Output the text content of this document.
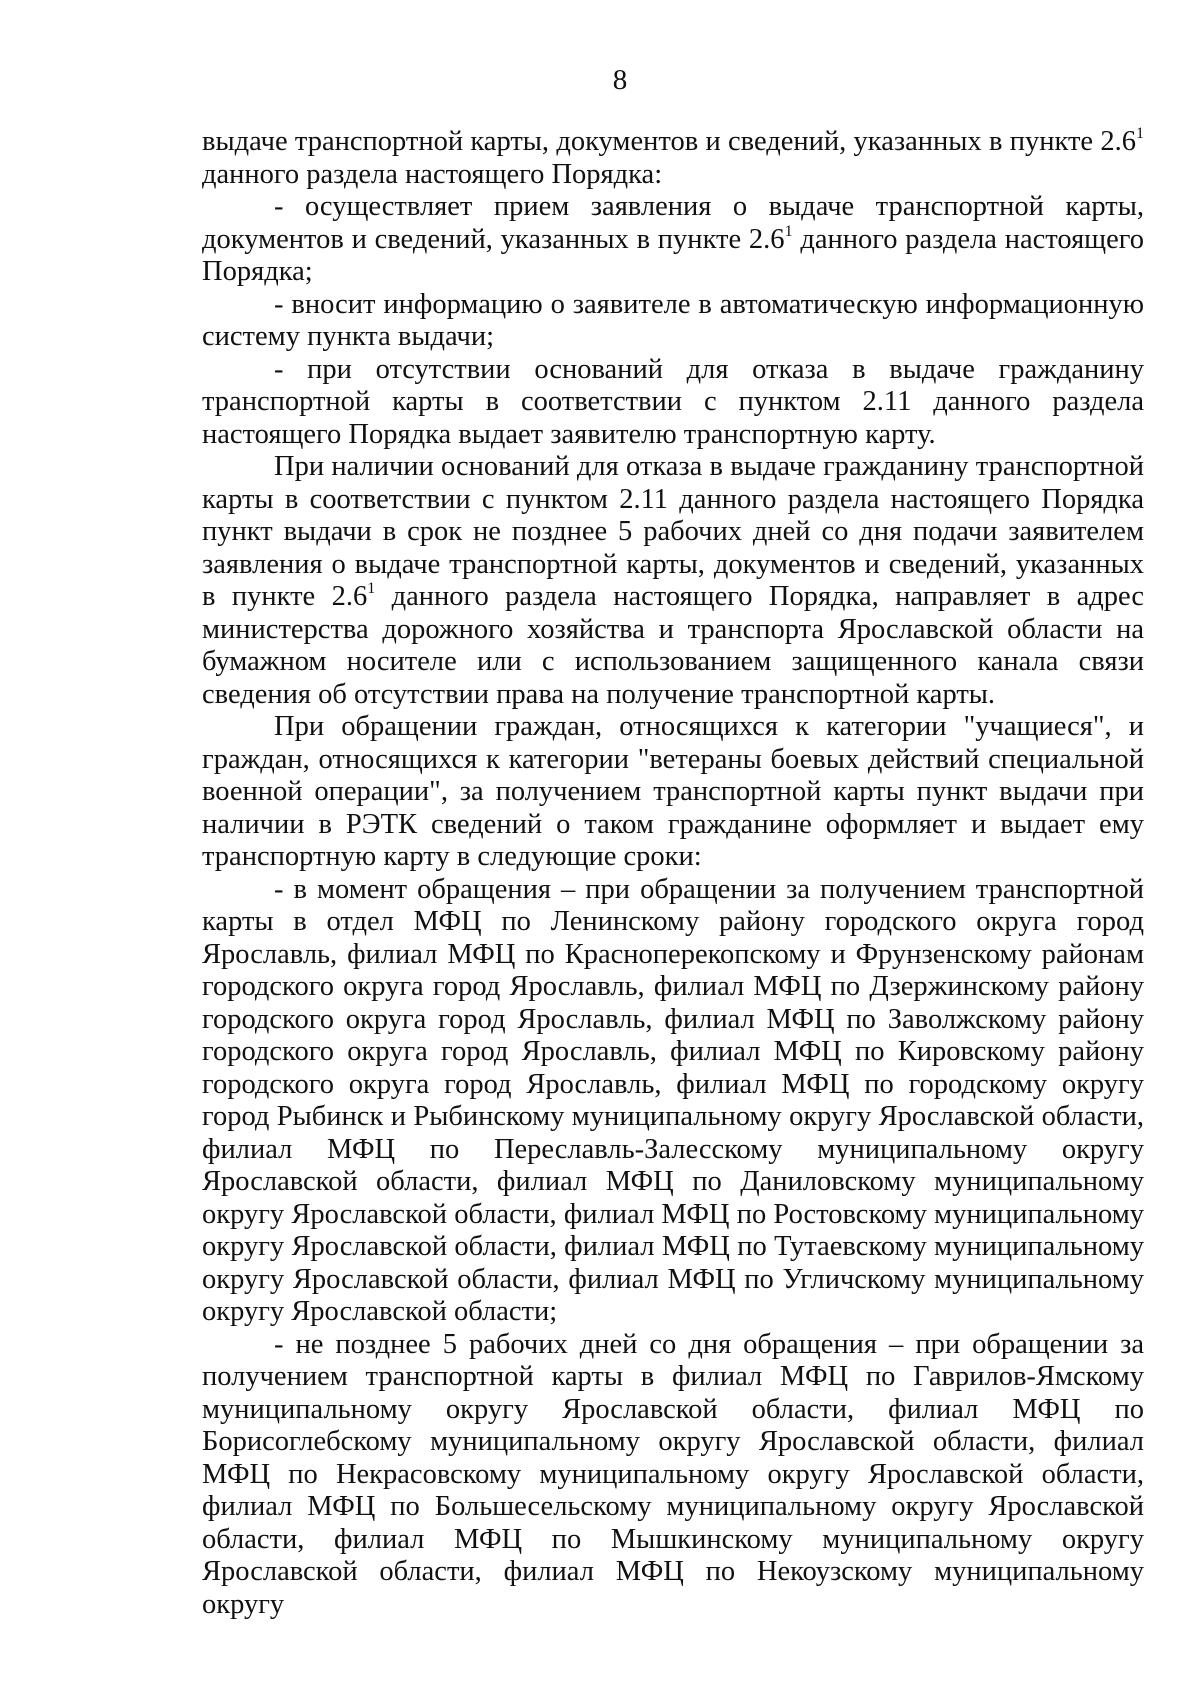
8

выдаче транспортной карты, документов и сведений, указанных в пункте $2.6^1$ данного раздела настоящего Порядка:

- осуществляет прием заявления о выдаче транспортной карты, документов и сведений, указанных в пункте $2.6^1$ данного раздела настоящего Порядка;

- вносит информацию о заявителе в автоматическую информационную систему пункта выдачи;

- при отсутствии оснований для отказа в выдаче гражданину транспортной карты в соответствии с пунктом 2.11 данного раздела настоящего Порядка выдает заявителю транспортную карту.

При наличии оснований для отказа в выдаче гражданину транспортной карты в соответствии с пунктом 2.11 данного раздела настоящего Порядка пункт выдачи в срок не позднее 5 рабочих дней со дня подачи заявителем заявления о выдаче транспортной карты, документов и сведений, указанных в пункте $2.6^1$ данного раздела настоящего Порядка, направляет в адрес министерства дорожного хозяйства и транспорта Ярославской области на бумажном носителе или с использованием защищенного канала связи сведения об отсутствии права на получение транспортной карты.

При обращении граждан, относящихся к категории "учащиеся", и граждан, относящихся к категории "ветераны боевых действий специальной военной операции", за получением транспортной карты пункт выдачи при наличии в РЭТК сведений о таком гражданине оформляет и выдает ему транспортную карту в следующие сроки:

- в момент обращения – при обращении за получением транспортной карты в отдел МФЦ по Ленинскому району городского округа город Ярославль, филиал МФЦ по Красноперекопскому и Фрунзенскому районам городского округа город Ярославль, филиал МФЦ по Дзержинскому району городского округа город Ярославль, филиал МФЦ по Заволжскому району городского округа город Ярославль, филиал МФЦ по Кировскому району городского округа город Ярославль, филиал МФЦ по городскому округу город Рыбинск и Рыбинскому муниципальному округу Ярославской области, филиал МФЦ по Переславль-Залесскому муниципальному округу Ярославской области, филиал МФЦ по Даниловскому муниципальному округу Ярославской области, филиал МФЦ по Ростовскому муниципальному округу Ярославской области, филиал МФЦ по Тутаевскому муниципальному округу Ярославской области, филиал МФЦ по Угличскому муниципальному округу Ярославской области;

- не позднее 5 рабочих дней со дня обращения – при обращении за получением транспортной карты в филиал МФЦ по Гаврилов-Ямскому муниципальному округу Ярославской области, филиал МФЦ по Борисоглебскому муниципальному округу Ярославской области, филиал МФЦ по Некрасовскому муниципальному округу Ярославской области, филиал МФЦ по Большесельскому муниципальному округу Ярославской области, филиал МФЦ по Мышкинскому муниципальному округу Ярославской области, филиал МФЦ по Некоузскому муниципальному округу
